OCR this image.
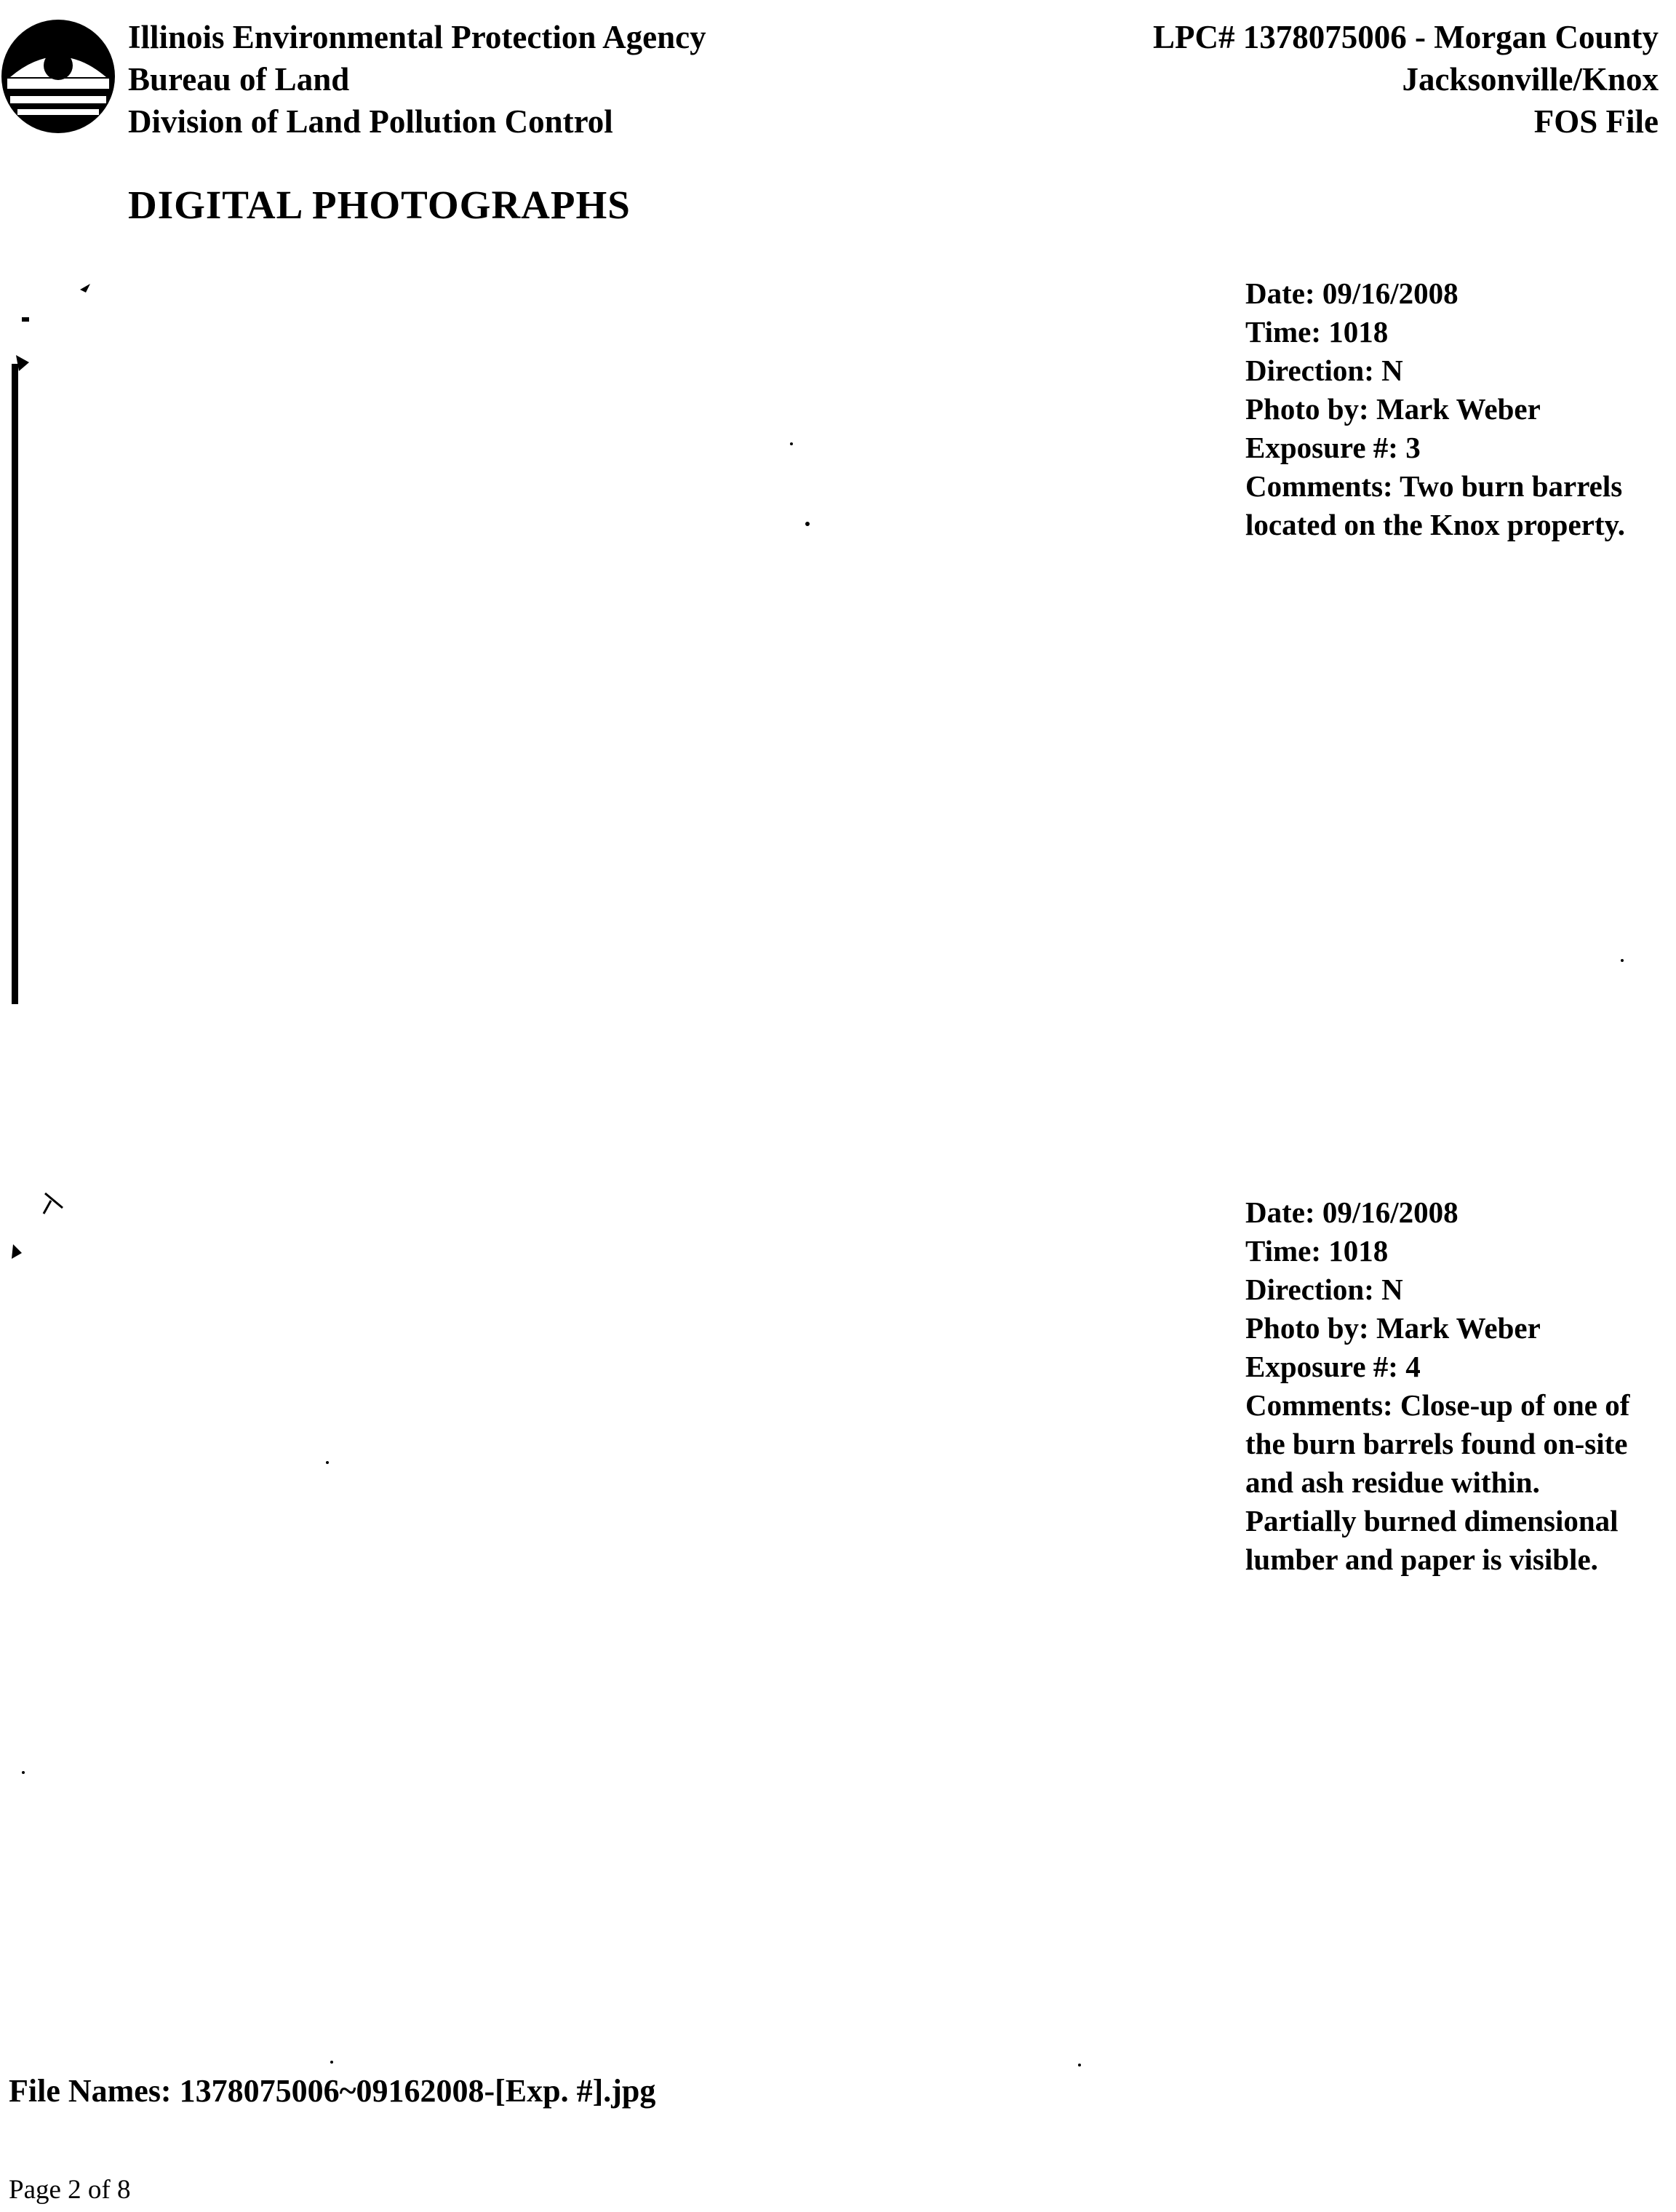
Illinois Environmental Protection Agency
Bureau of Land
Division of Land Pollution Control
LPC# 1378075006 - Morgan County
Jacksonville/Knox
FOS File
DIGITAL PHOTOGRAPHS
Date: 09/16/2008
Time: 1018
Direction: N
Photo by: Mark Weber
Exposure #: 3
Comments: Two burn barrels located on the Knox property.
Date: 09/16/2008
Time: 1018
Direction: N
Photo by: Mark Weber
Exposure #: 4
Comments: Close-up of one of the burn barrels found on-site and ash residue within. Partially burned dimensional lumber and paper is visible.
File Names: 1378075006~09162008-[Exp. #].jpg
Page 2 of 8
